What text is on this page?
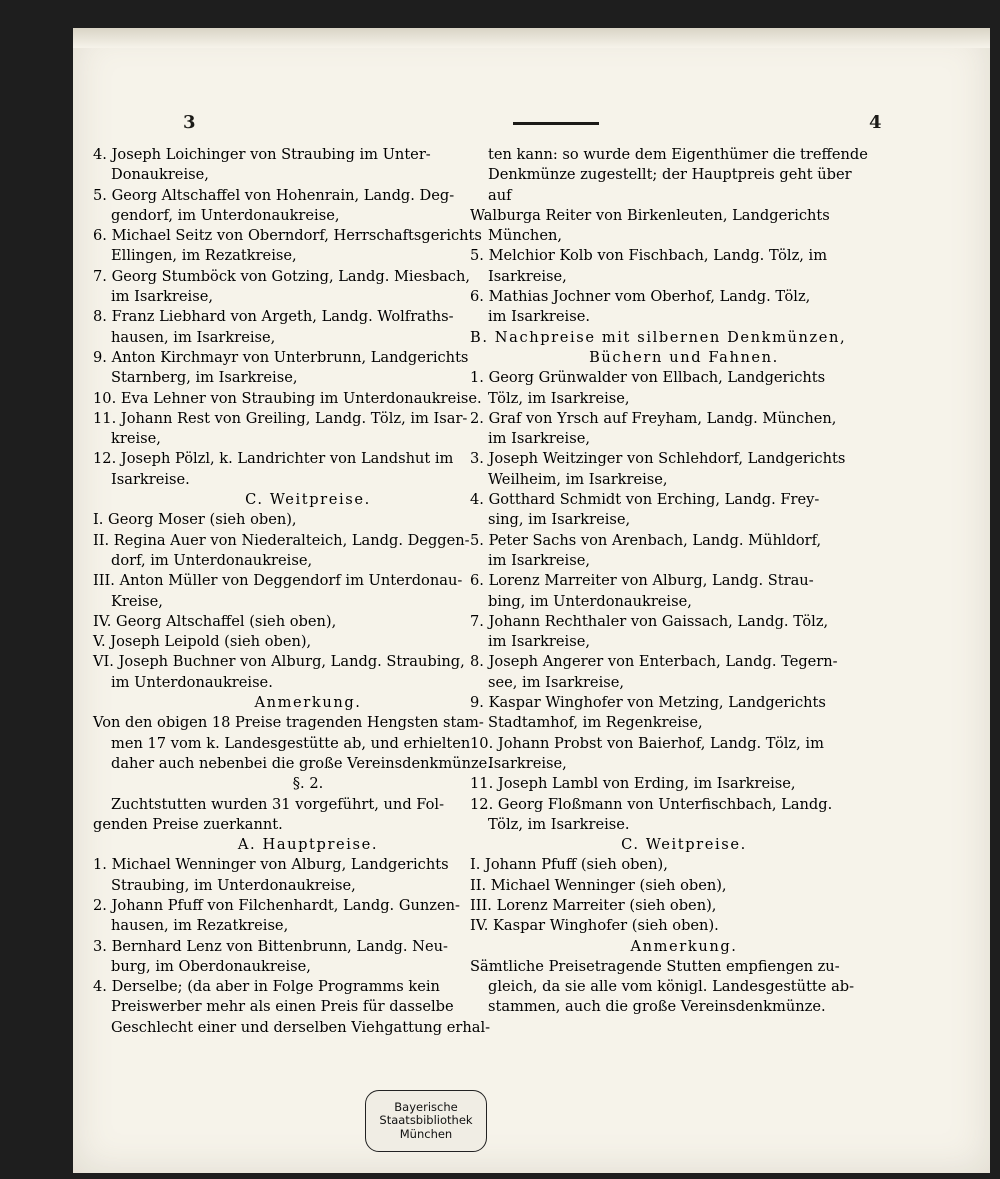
3	4
4. Joseph Loichinger von Straubing im Unter-
Donaukreise,
5. Georg Altschaffel von Hohenrain, Landg. Deg-
gendorf, im Unterdonaukreise,
6. Michael Seitz von Oberndorf, Herrschaftsgerichts
Ellingen, im Rezatkreise,
7. Georg Stumböck von Gotzing, Landg. Miesbach,
im Isarkreise,
8. Franz Liebhard von Argeth, Landg. Wolfraths-
hausen, im Isarkreise,
9. Anton Kirchmayr von Unterbrunn, Landgerichts
Starnberg, im Isarkreise,
10. Eva Lehner von Straubing im Unterdonaukreise.
11. Johann Rest von Greiling, Landg. Tölz, im Isar-
kreise,
12. Joseph Pölzl, k. Landrichter von Landshut im
Isarkreise.
C. Weitpreise.
I. Georg Moser (sieh oben),
II. Regina Auer von Niederalteich, Landg. Deggen-
dorf, im Unterdonaukreise,
III. Anton Müller von Deggendorf im Unterdonau-
Kreise,
IV. Georg Altschaffel (sieh oben),
V. Joseph Leipold (sieh oben),
VI. Joseph Buchner von Alburg, Landg. Straubing,
im Unterdonaukreise.
Anmerkung.
Von den obigen 18 Preise tragenden Hengsten stam-
men 17 vom k. Landesgestütte ab, und erhielten
daher auch nebenbei die große Vereinsdenkmünze.
§. 2.
Zuchtstutten wurden 31 vorgeführt, und Fol-
genden Preise zuerkannt.
A. Hauptpreise.
1. Michael Wenninger von Alburg, Landgerichts
Straubing, im Unterdonaukreise,
2. Johann Pfuff von Filchenhardt, Landg. Gunzen-
hausen, im Rezatkreise,
3. Bernhard Lenz von Bittenbrunn, Landg. Neu-
burg, im Oberdonaukreise,
4. Derselbe; (da aber in Folge Programms kein
Preiswerber mehr als einen Preis für dasselbe
Geschlecht einer und derselben Viehgattung erhal-
ten kann: so wurde dem Eigenthümer die treffende
Denkmünze zugestellt; der Hauptpreis geht über
auf
Walburga Reiter von Birkenleuten, Landgerichts
München,
5. Melchior Kolb von Fischbach, Landg. Tölz, im
Isarkreise,
6. Mathias Jochner vom Oberhof, Landg. Tölz,
im Isarkreise.
B. Nachpreise mit silbernen Denkmünzen,
Büchern und Fahnen.
1. Georg Grünwalder von Ellbach, Landgerichts
Tölz, im Isarkreise,
2. Graf von Yrsch auf Freyham, Landg. München,
im Isarkreise,
3. Joseph Weitzinger von Schlehdorf, Landgerichts
Weilheim, im Isarkreise,
4. Gotthard Schmidt von Erching, Landg. Frey-
sing, im Isarkreise,
5. Peter Sachs von Arenbach, Landg. Mühldorf,
im Isarkreise,
6. Lorenz Marreiter von Alburg, Landg. Strau-
bing, im Unterdonaukreise,
7. Johann Rechthaler von Gaissach, Landg. Tölz,
im Isarkreise,
8. Joseph Angerer von Enterbach, Landg. Tegern-
see, im Isarkreise,
9. Kaspar Winghofer von Metzing, Landgerichts
Stadtamhof, im Regenkreise,
10. Johann Probst von Baierhof, Landg. Tölz, im
Isarkreise,
11. Joseph Lambl von Erding, im Isarkreise,
12. Georg Floßmann von Unterfischbach, Landg.
Tölz, im Isarkreise.
C. Weitpreise.
I. Johann Pfuff (sieh oben),
II. Michael Wenninger (sieh oben),
III. Lorenz Marreiter (sieh oben),
IV. Kaspar Winghofer (sieh oben).
Anmerkung.
Sämtliche Preisetragende Stutten empfiengen zu-
gleich, da sie alle vom königl. Landesgestütte ab-
stammen, auch die große Vereinsdenkmünze.
Bayerische
Staatsbibliothek
München
